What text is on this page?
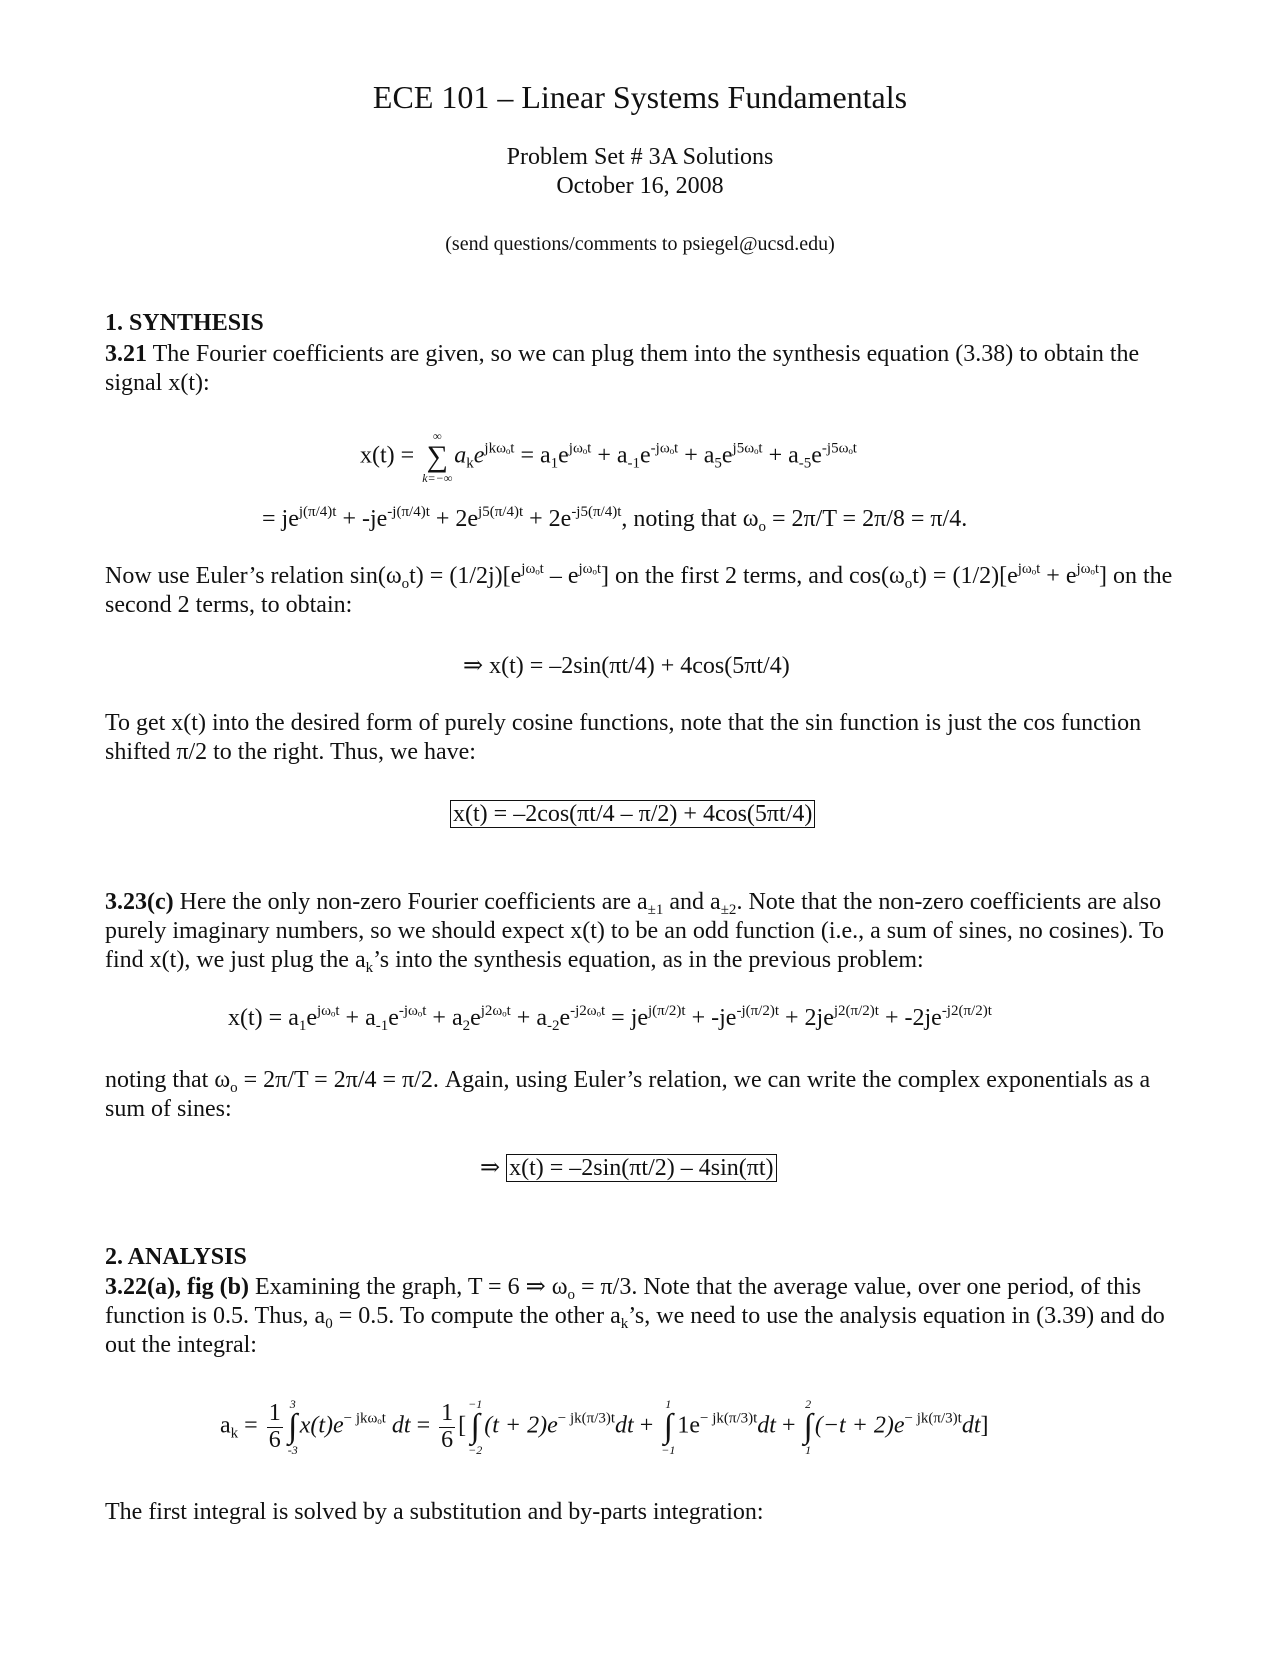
ECE 101 – Linear Systems Fundamentals
Problem Set # 3A Solutions
October 16, 2008
(send questions/comments to psiegel@ucsd.edu)
1. SYNTHESIS
3.21 The Fourier coefficients are given, so we can plug them into the synthesis equation (3.38) to obtain the signal x(t):
x(t) =
∞
∑
k=−∞
$a_ke^{jk\omega_ot} = a_1e^{j\omega_ot} + a_{-1}e^{-j\omega_ot} + a_5e^{j5\omega_ot} + a_{-5}e^{-j5\omega_ot}$
= $je^{j(\pi/4)t} + -je^{-j(\pi/4)t} + 2e^{j5(\pi/4)t} + 2e^{-j5(\pi/4)t}$, noting that $\omega_o = 2\pi/T = 2\pi/8 = \pi/4$.
Now use Euler’s relation $\sin(\omega_ot) = (1/2j)[e^{j\omega_ot} - e^{j\omega_ot}]$ on the first 2 terms, and $\cos(\omega_ot) = (1/2)[e^{j\omega_ot} + e^{j\omega_ot}]$ on the second 2 terms, to obtain:
⇒ x(t) = –2sin(πt/4) + 4cos(5πt/4)
To get x(t) into the desired form of purely cosine functions, note that the sin function is just the cos function shifted π/2 to the right. Thus, we have:
x(t) = –2cos(πt/4 – π/2) + 4cos(5πt/4)
3.23(c) Here the only non-zero Fourier coefficients are $a_{\pm 1}$ and $a_{\pm 2}$. Note that the non-zero coefficients are also purely imaginary numbers, so we should expect x(t) to be an odd function (i.e., a sum of sines, no cosines). To find x(t), we just plug the $a_k’s$ into the synthesis equation, as in the previous problem:
$x(t) = a_1e^{j\omega_ot} + a_{-1}e^{-j\omega_ot} + a_2e^{j2\omega_ot} + a_{-2}e^{-j2\omega_ot} = je^{j(\pi/2)t} + -je^{-j(\pi/2)t} + 2je^{j2(\pi/2)t} + -2je^{-j2(\pi/2)t}$
noting that $\omega_o = 2\pi/T = 2\pi/4 = \pi/2$. Again, using Euler’s relation, we can write the complex exponentials as a sum of sines:
⇒ x(t) = –2sin(πt/2) – 4sin(πt)
2. ANALYSIS
3.22(a), fig (b) Examining the graph, T = 6 ⇒ $\omega_o = \pi/3$. Note that the average value, over one period, of this function is 0.5. Thus, $a_0 = 0.5$. To compute the other $a_k’s$, we need to use the analysis equation in (3.39) and do out the integral:
$a_k = \frac{1}{6} 3$
∫
-3
$x(t)e^{- jk\omega_ot}$ dt = $\frac{1}{6}$ [
−1
∫
−2
$(t + 2)e^{- jk(\pi/3)t}dt$ +
1
∫
−1
$1e^{- jk(\pi/3)t}dt$ +
2
∫
1
$(-t + 2)e^{- jk(\pi/3)t}dt$]
The first integral is solved by a substitution and by-parts integration:
